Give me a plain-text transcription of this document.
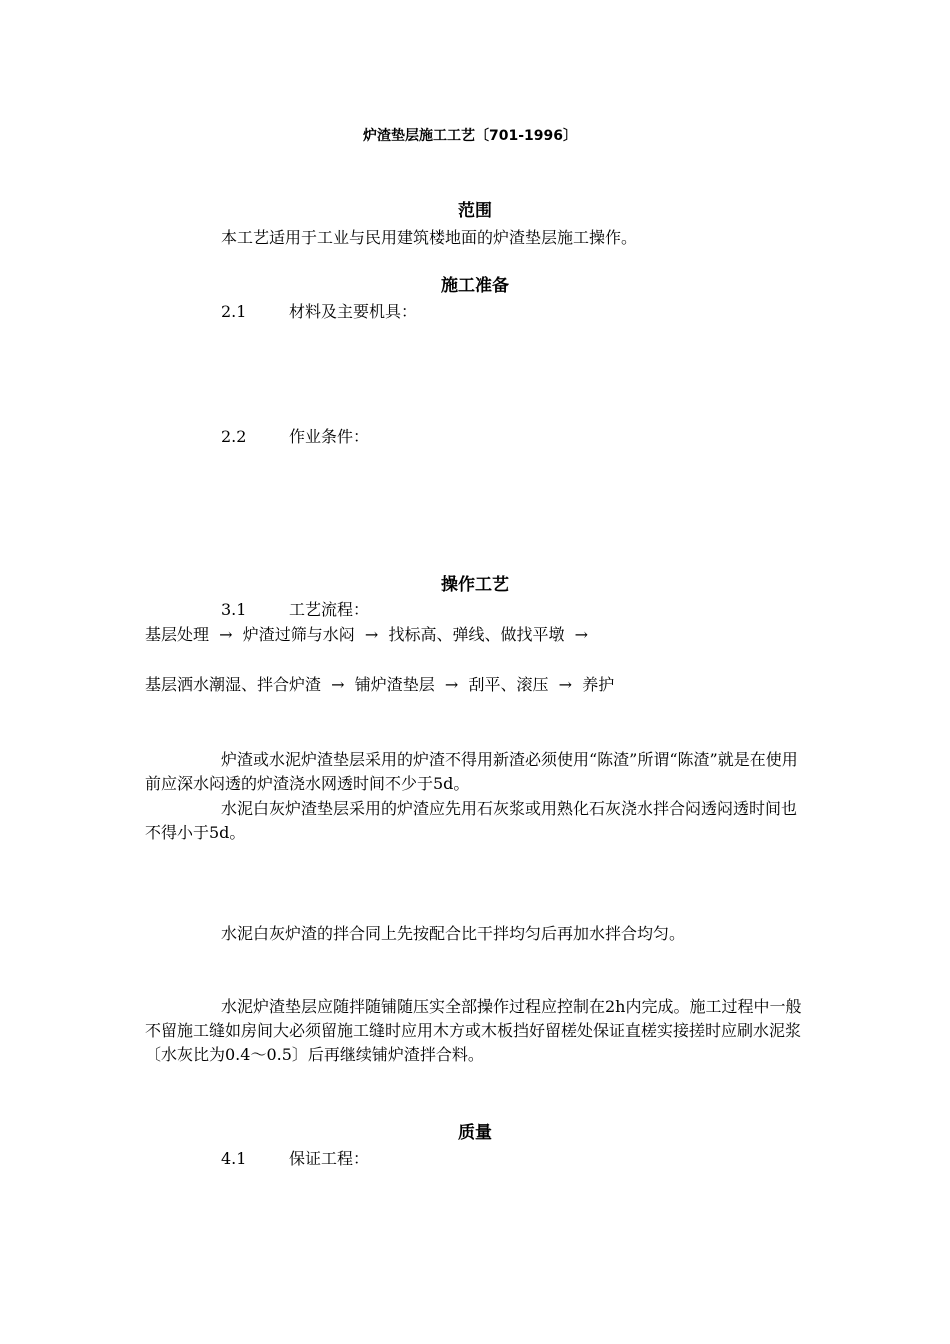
炉渣垫层施工工艺〔701-1996〕
范围
本工艺适用于工业与民用建筑楼地面的炉渣垫层施工操作。
施工准备
2.1	材料及主要机具：
2.2	作业条件：
操作工艺
3.1	工艺流程：
基层处理  →  炉渣过筛与水闷  →  找标高、弹线、做找平墩  →
基层洒水潮湿、拌合炉渣  →  铺炉渣垫层  →  刮平、滚压  →  养护
炉渣或水泥炉渣垫层采用的炉渣不得用新渣必须使用“陈渣”所谓“陈渣”就是在使用前应深水闷透的炉渣浇水网透时间不少于5d。
水泥白灰炉渣垫层采用的炉渣应先用石灰浆或用熟化石灰浇水拌合闷透闷透时间也不得小于5d。
水泥白灰炉渣的拌合同上先按配合比干拌均匀后再加水拌合均匀。
水泥炉渣垫层应随拌随铺随压实全部操作过程应控制在2h内完成。施工过程中一般不留施工缝如房间大必须留施工缝时应用木方或木板挡好留槎处保证直槎实接搓时应刷水泥浆〔水灰比为0.4～0.5〕后再继续铺炉渣拌合料。
质量
4.1	保证工程：
